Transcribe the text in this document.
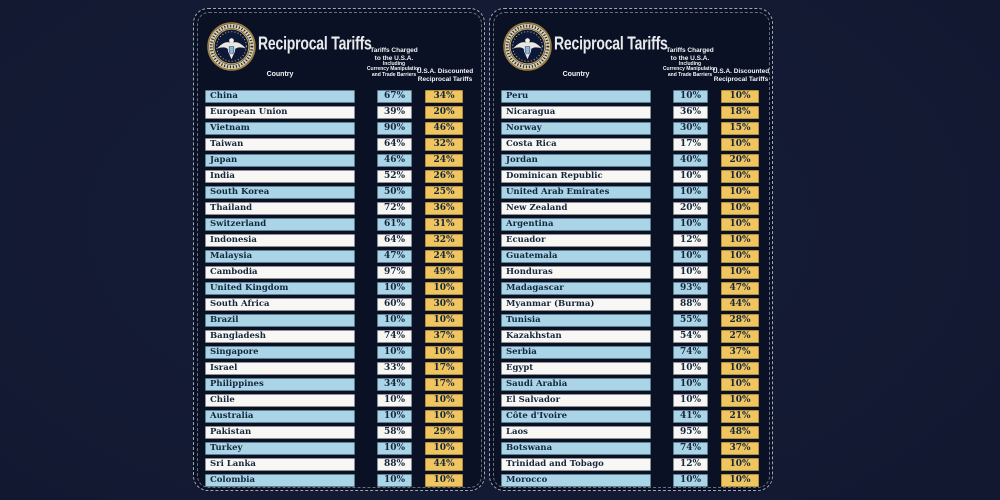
Reciprocal Tariffs
Country
Tariffs Charged
to the U.S.A.
Including
Currency Manipulation
and Trade Barriers U.S.A. Discounted
Reciprocal Tariffs
China	67%	34%
European Union	39%	20%
Vietnam	90%	46%
Taiwan	64%	32%
Japan	46%	24%
India	52%	26%
South Korea	50%	25%
Thailand	72%	36%
Switzerland	61%	31%
Indonesia	64%	32%
Malaysia	47%	24%
Cambodia	97%	49%
United Kingdom	10%	10%
South Africa	60%	30%
Brazil	10%	10%
Bangladesh	74%	37%
Singapore	10%	10%
Israel	33%	17%
Philippines	34%	17%
Chile	10%	10%
Australia	10%	10%
Pakistan	58%	29%
Turkey	10%	10%
Sri Lanka	88%	44%
Colombia	10%	10%
Reciprocal Tariffs
Country
Tariffs Charged
to the U.S.A.
Including
Currency Manipulation
and Trade Barriers U.S.A. Discounted
Reciprocal Tariffs
Peru	10%	10%
Nicaragua	36%	18%
Norway	30%	15%
Costa Rica	17%	10%
Jordan	40%	20%
Dominican Republic	10%	10%
United Arab Emirates	10%	10%
New Zealand	20%	10%
Argentina	10%	10%
Ecuador	12%	10%
Guatemala	10%	10%
Honduras	10%	10%
Madagascar	93%	47%
Myanmar (Burma)	88%	44%
Tunisia	55%	28%
Kazakhstan	54%	27%
Serbia	74%	37%
Egypt	10%	10%
Saudi Arabia	10%	10%
El Salvador	10%	10%
Côte d'Ivoire	41%	21%
Laos	95%	48%
Botswana	74%	37%
Trinidad and Tobago	12%	10%
Morocco	10%	10%
